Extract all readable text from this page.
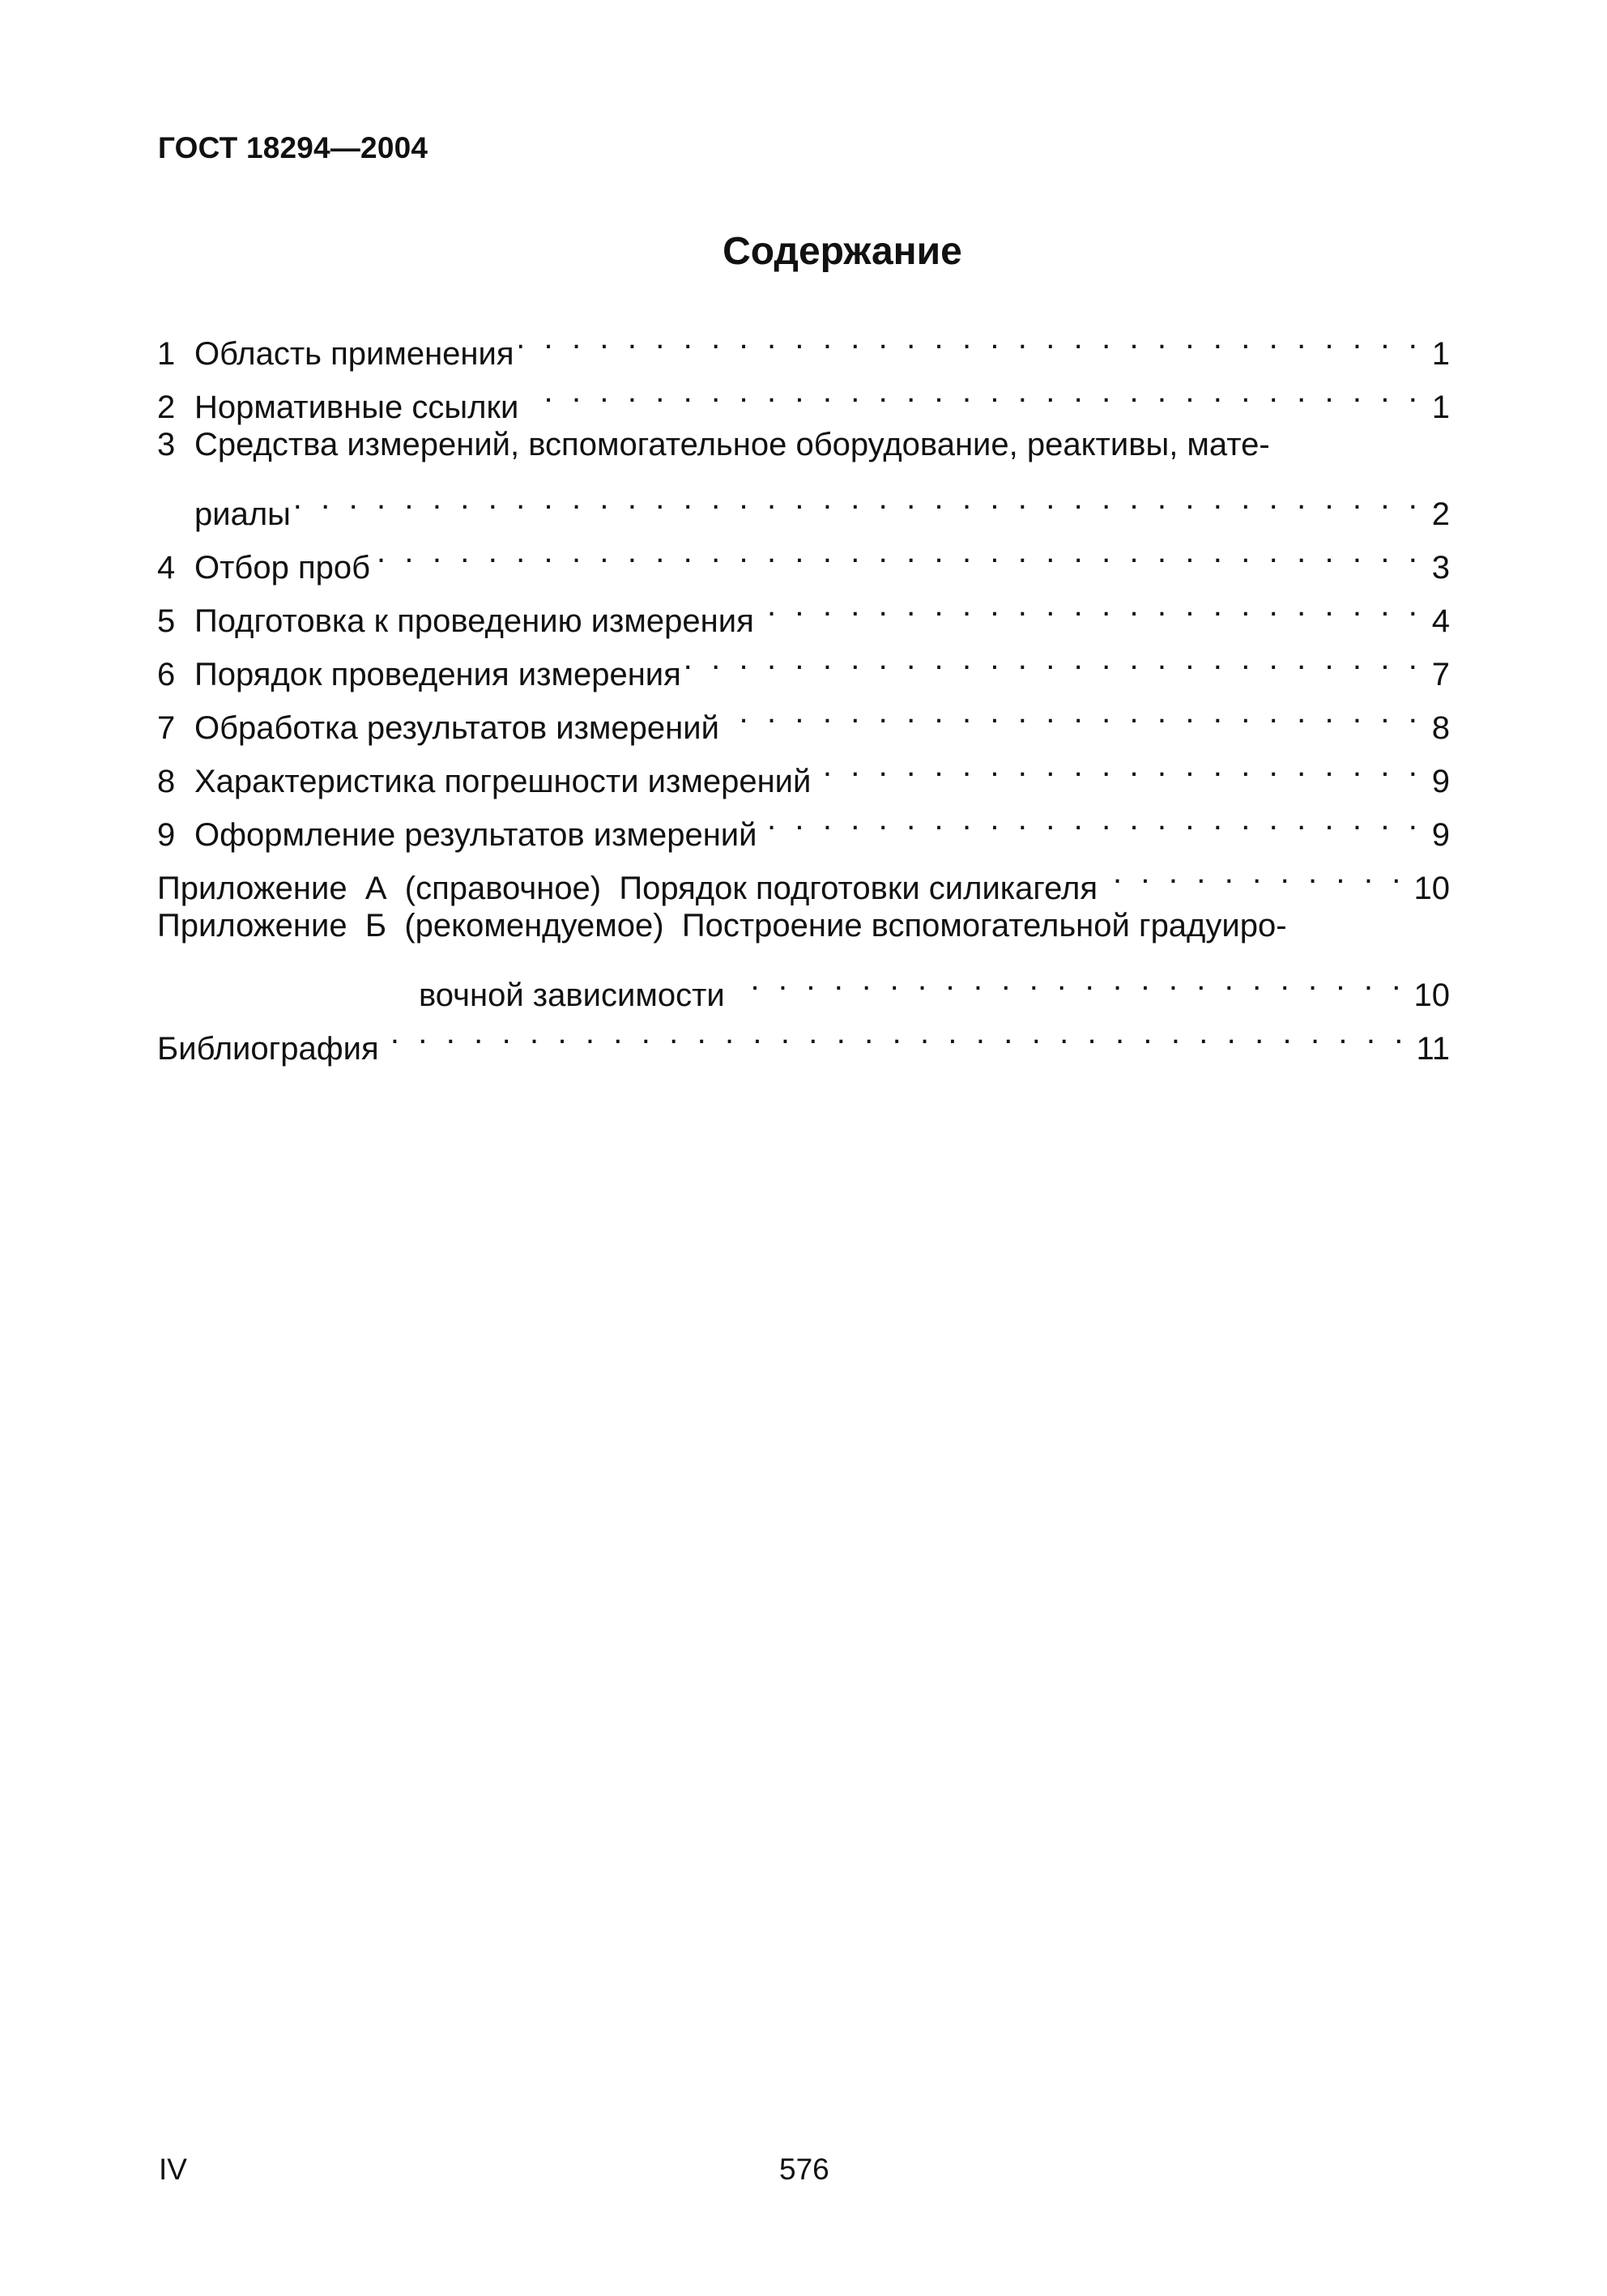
ГОСТ 18294—2004
Содержание
1 Область применения . . .	1
2 Нормативные ссылки . . .	1
3 Средства измерений, вспомогательное оборудование, реактивы, мате-
риалы . . .	2
4 Отбор проб . . .	3
5 Подготовка к проведению измерения . . .	4
6 Порядок проведения измерения . . .	7
7 Обработка результатов измерений . . .	8
8 Характеристика погрешности измерений . . .	9
9 Оформление результатов измерений . . .	9
Приложение  А  (справочное)  Порядок подготовки силикагеля . . .	10
Приложение  Б  (рекомендуемое)  Построение вспомогательной градуиро-
вочной зависимости . . .	10
Библиография . . .	11
IV	576
